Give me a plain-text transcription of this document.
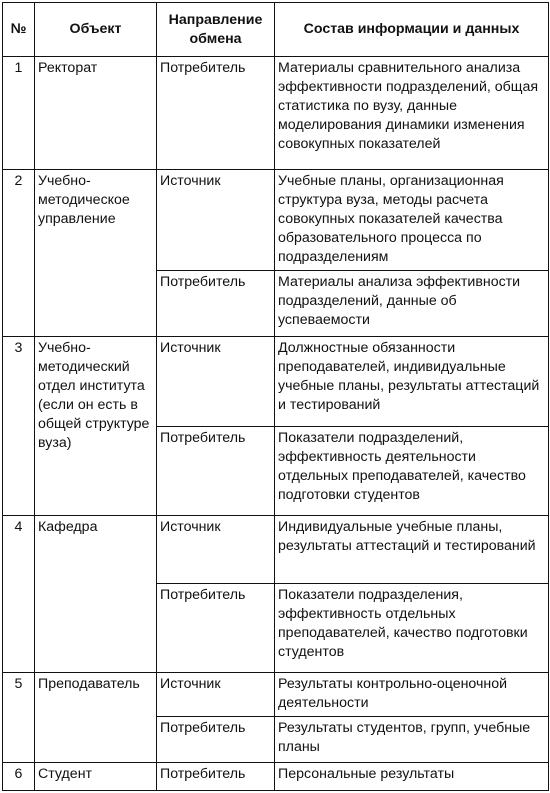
№	Объект	Направление обмена	Состав информации и данных
1	Ректорат	Потребитель	Материалы сравнительного анализа эффективности подразделений, общая статистика по вузу, данные моделирования динамики изменения совокупных показателей
2	Учебно-методическое управление	Источник	Учебные планы, организационная структура вуза, методы расчета совокупных показателей качества образовательного процесса по подразделениям
		Потребитель	Материалы анализа эффективности подразделений, данные об успеваемости
3	Учебно-методический отдел института (если он есть в общей структуре вуза)	Источник	Должностные обязанности преподавателей, индивидуальные учебные планы, результаты аттестаций и тестирований
		Потребитель	Показатели подразделений, эффективность деятельности отдельных преподавателей, качество подготовки студентов
4	Кафедра	Источник	Индивидуальные учебные планы, результаты аттестаций и тестирований
		Потребитель	Показатели подразделения, эффективность отдельных преподавателей, качество подготовки студентов
5	Преподаватель	Источник	Результаты контрольно-оценочной деятельности
		Потребитель	Результаты студентов, групп, учебные планы
6	Студент	Потребитель	Персональные результаты
